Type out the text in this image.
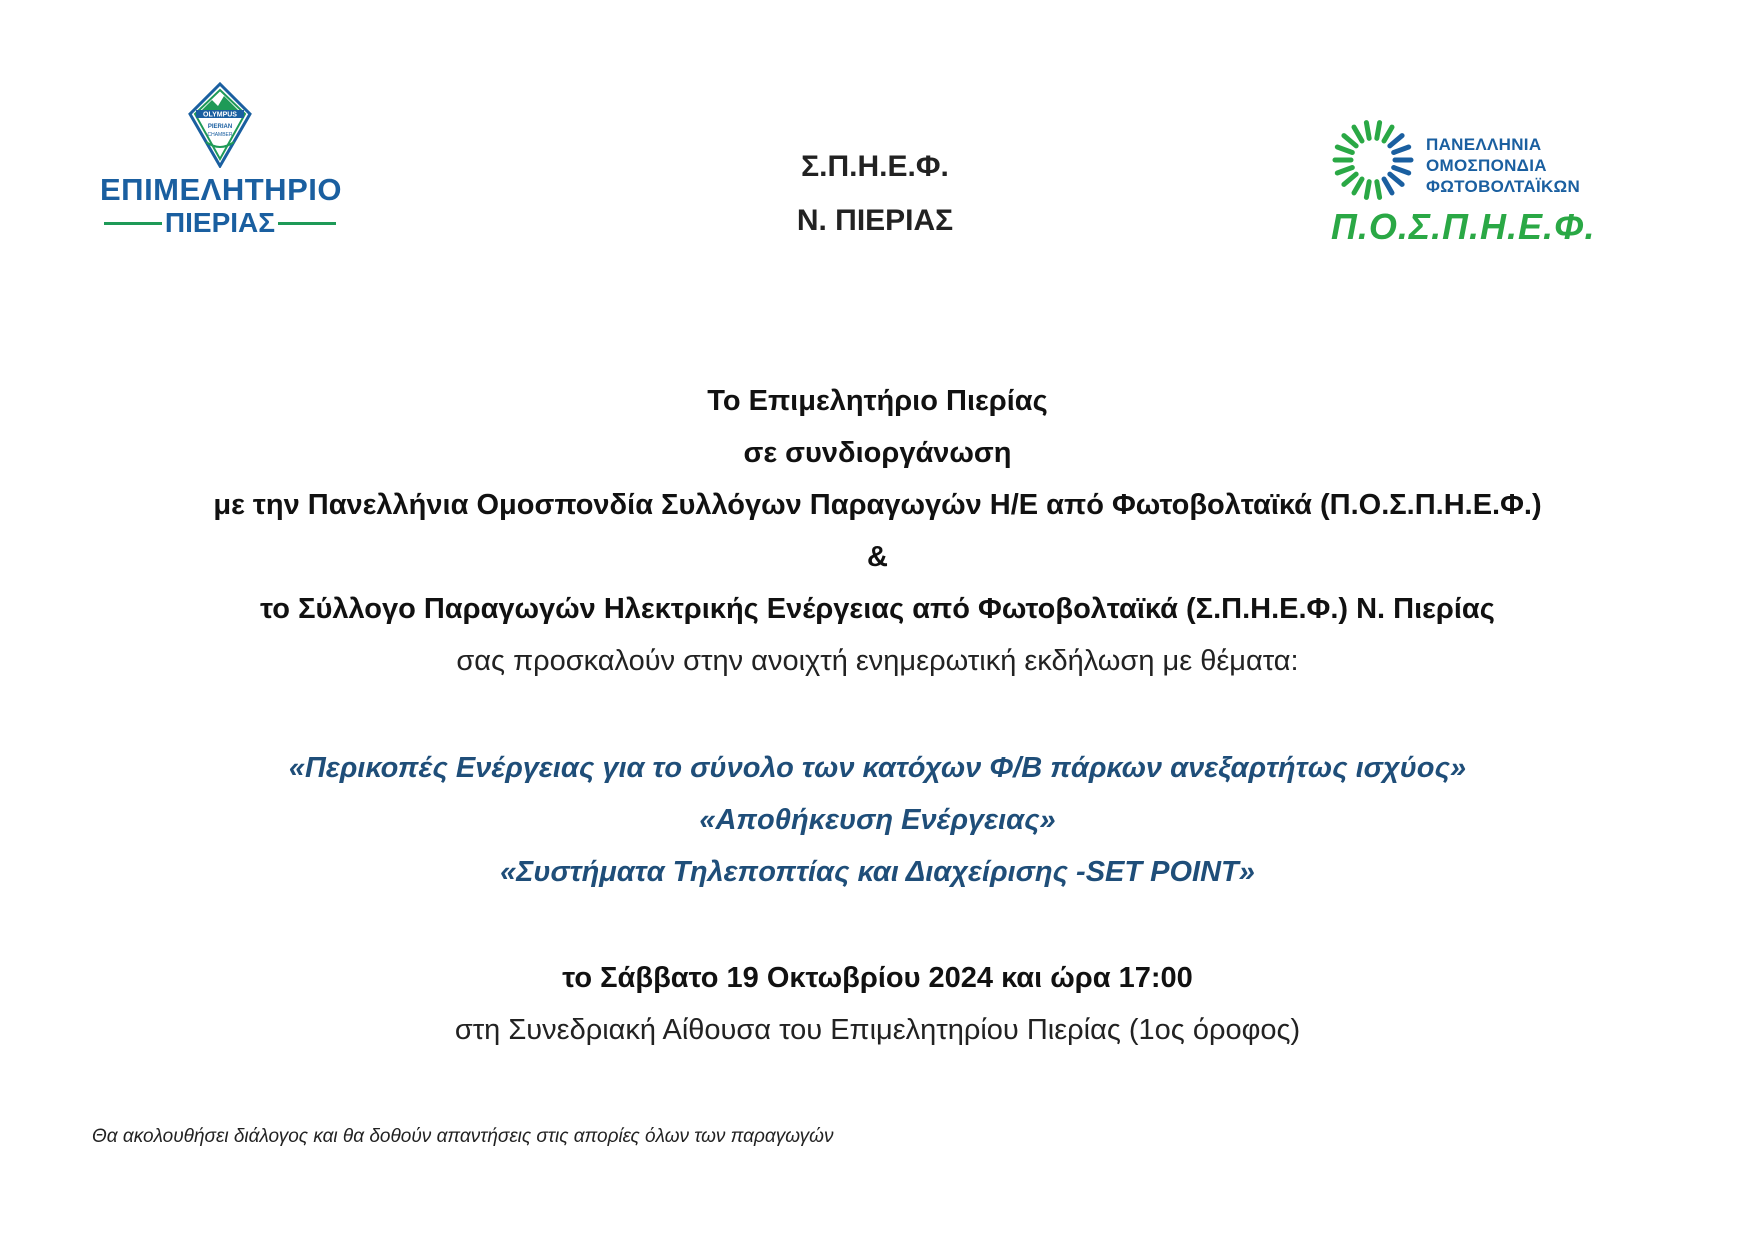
OLYMPUS
PIERIAN
CHAMBER
ΕΠΙΜΕΛΗΤΗΡΙΟ
ΠΙΕΡΙΑΣ
Σ.Π.Η.Ε.Φ.
Ν. ΠΙΕΡΙΑΣ
ΠΑΝΕΛΛΗΝΙΑ
ΟΜΟΣΠΟΝΔΙΑ
ΦΩΤΟΒΟΛΤΑΪΚΩΝ
Π.Ο.Σ.Π.Η.Ε.Φ.
Το Επιμελητήριο Πιερίας
σε συνδιοργάνωση
με την Πανελλήνια Ομοσπονδία Συλλόγων Παραγωγών Η/Ε από Φωτοβολταϊκά (Π.Ο.Σ.Π.Η.Ε.Φ.)
&
το Σύλλογο Παραγωγών Ηλεκτρικής Ενέργειας από Φωτοβολταϊκά (Σ.Π.Η.Ε.Φ.) Ν. Πιερίας
σας προσκαλούν στην ανοιχτή ενημερωτική εκδήλωση με θέματα:
«Περικοπές Ενέργειας για το σύνολο των κατόχων Φ/Β πάρκων ανεξαρτήτως ισχύος»
«Αποθήκευση Ενέργειας»
«Συστήματα Τηλεποπτίας και Διαχείρισης -SET POINT»
το Σάββατο 19 Οκτωβρίου 2024 και ώρα 17:00
στη Συνεδριακή Αίθουσα του Επιμελητηρίου Πιερίας (1ος όροφος)
Θα ακολουθήσει διάλογος και θα δοθούν απαντήσεις στις απορίες όλων των παραγωγών
